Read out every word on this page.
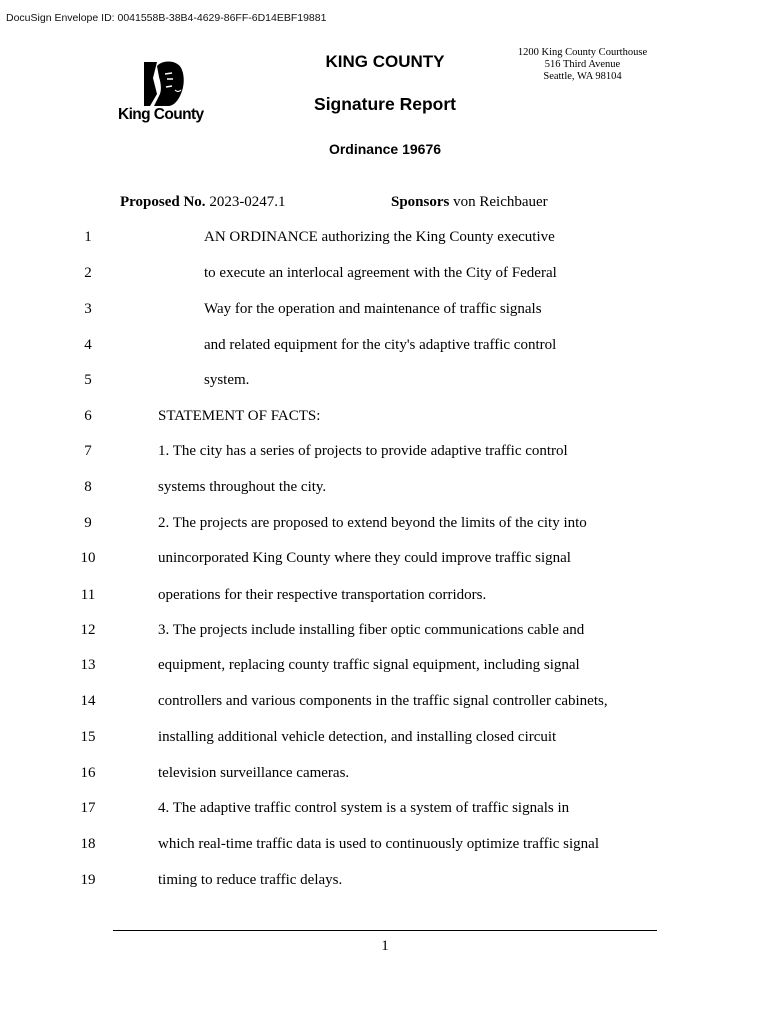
DocuSign Envelope ID: 0041558B-38B4-4629-86FF-6D14EBF19881
King County
KING COUNTY	1200 King County Courthouse
516 Third Avenue
Seattle, WA 98104
Signature Report
Ordinance 19676
Proposed No. 2023-0247.1	Sponsors von Reichbauer
1	AN ORDINANCE authorizing the King County executive
2	to execute an interlocal agreement with the City of Federal
3	Way for the operation and maintenance of traffic signals
4	and related equipment for the city's adaptive traffic control
5	system.
6	STATEMENT OF FACTS:
7	1. The city has a series of projects to provide adaptive traffic control
8	systems throughout the city.
9	2. The projects are proposed to extend beyond the limits of the city into
10	unincorporated King County where they could improve traffic signal
11	operations for their respective transportation corridors.
12	3. The projects include installing fiber optic communications cable and
13	equipment, replacing county traffic signal equipment, including signal
14	controllers and various components in the traffic signal controller cabinets,
15	installing additional vehicle detection, and installing closed circuit
16	television surveillance cameras.
17	4. The adaptive traffic control system is a system of traffic signals in
18	which real-time traffic data is used to continuously optimize traffic signal
19	timing to reduce traffic delays.
1
